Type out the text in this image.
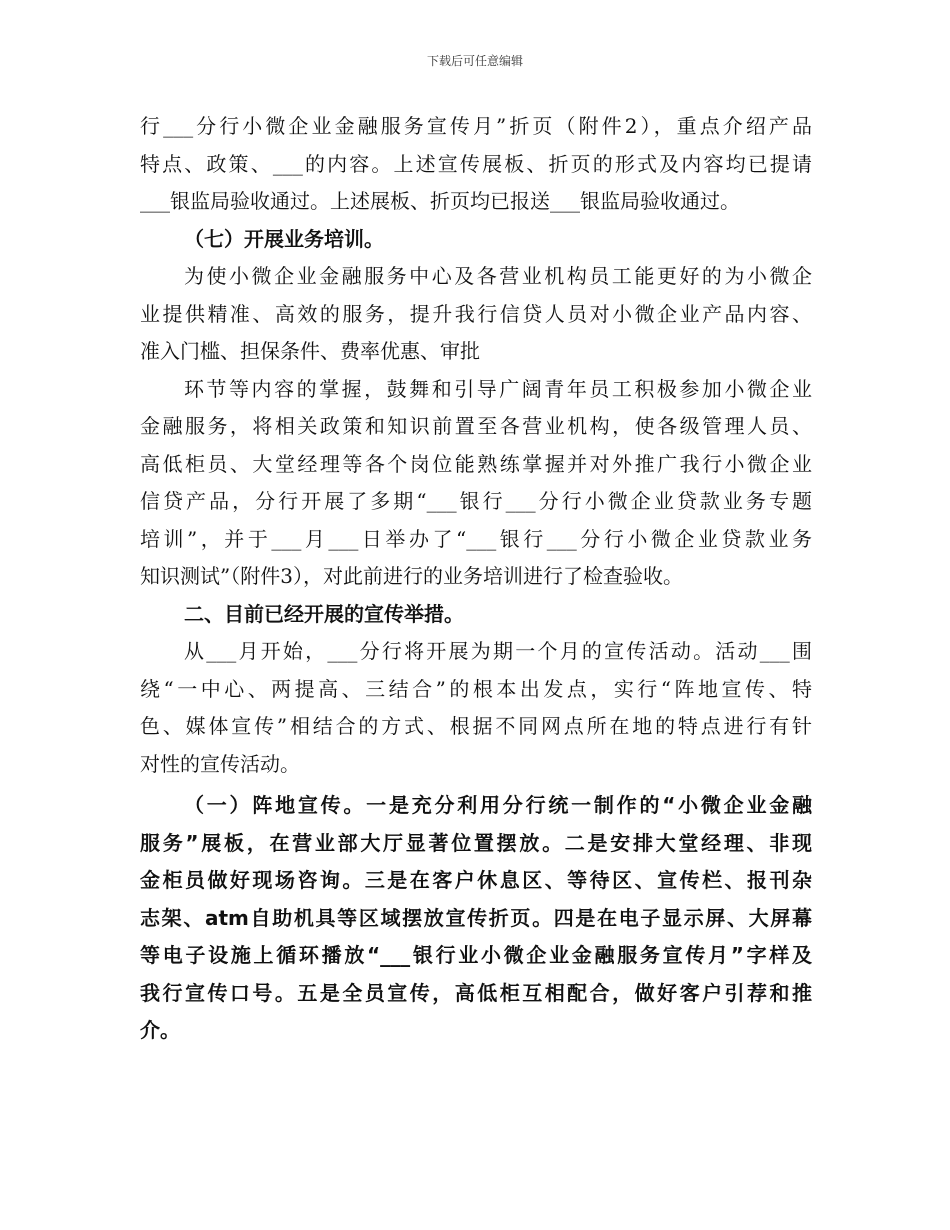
下载后可任意编辑
行___分行小微企业金融服务宣传月”折页（附件2），重点介绍产品
特点、政策、___的内容。上述宣传展板、折页的形式及内容均已提请
___银监局验收通过。上述展板、折页均已报送___银监局验收通过。
（七）开展业务培训。
为使小微企业金融服务中心及各营业机构员工能更好的为小微企
业提供精准、高效的服务，提升我行信贷人员对小微企业产品内容、
准入门槛、担保条件、费率优惠、审批
环节等内容的掌握，鼓舞和引导广阔青年员工积极参加小微企业
金融服务，将相关政策和知识前置至各营业机构，使各级管理人员、
高低柜员、大堂经理等各个岗位能熟练掌握并对外推广我行小微企业
信贷产品，分行开展了多期“___银行___分行小微企业贷款业务专题
培训”，并于___月___日举办了“___银行___分行小微企业贷款业务
知识测试”（附件3），对此前进行的业务培训进行了检查验收。
二、目前已经开展的宣传举措。
从___月开始，___分行将开展为期一个月的宣传活动。活动___围
绕“一中心、两提高、三结合”的根本出发点，实行“阵地宣传、特
色、媒体宣传”相结合的方式、根据不同网点所在地的特点进行有针
对性的宣传活动。
（一）阵地宣传。一是充分利用分行统一制作的“小微企业金融
服务”展板，在营业部大厅显著位置摆放。二是安排大堂经理、非现
金柜员做好现场咨询。三是在客户休息区、等待区、宣传栏、报刊杂
志架、atm自助机具等区域摆放宣传折页。四是在电子显示屏、大屏幕
等电子设施上循环播放“___银行业小微企业金融服务宣传月”字样及
我行宣传口号。五是全员宣传，高低柜互相配合，做好客户引荐和推
介。
